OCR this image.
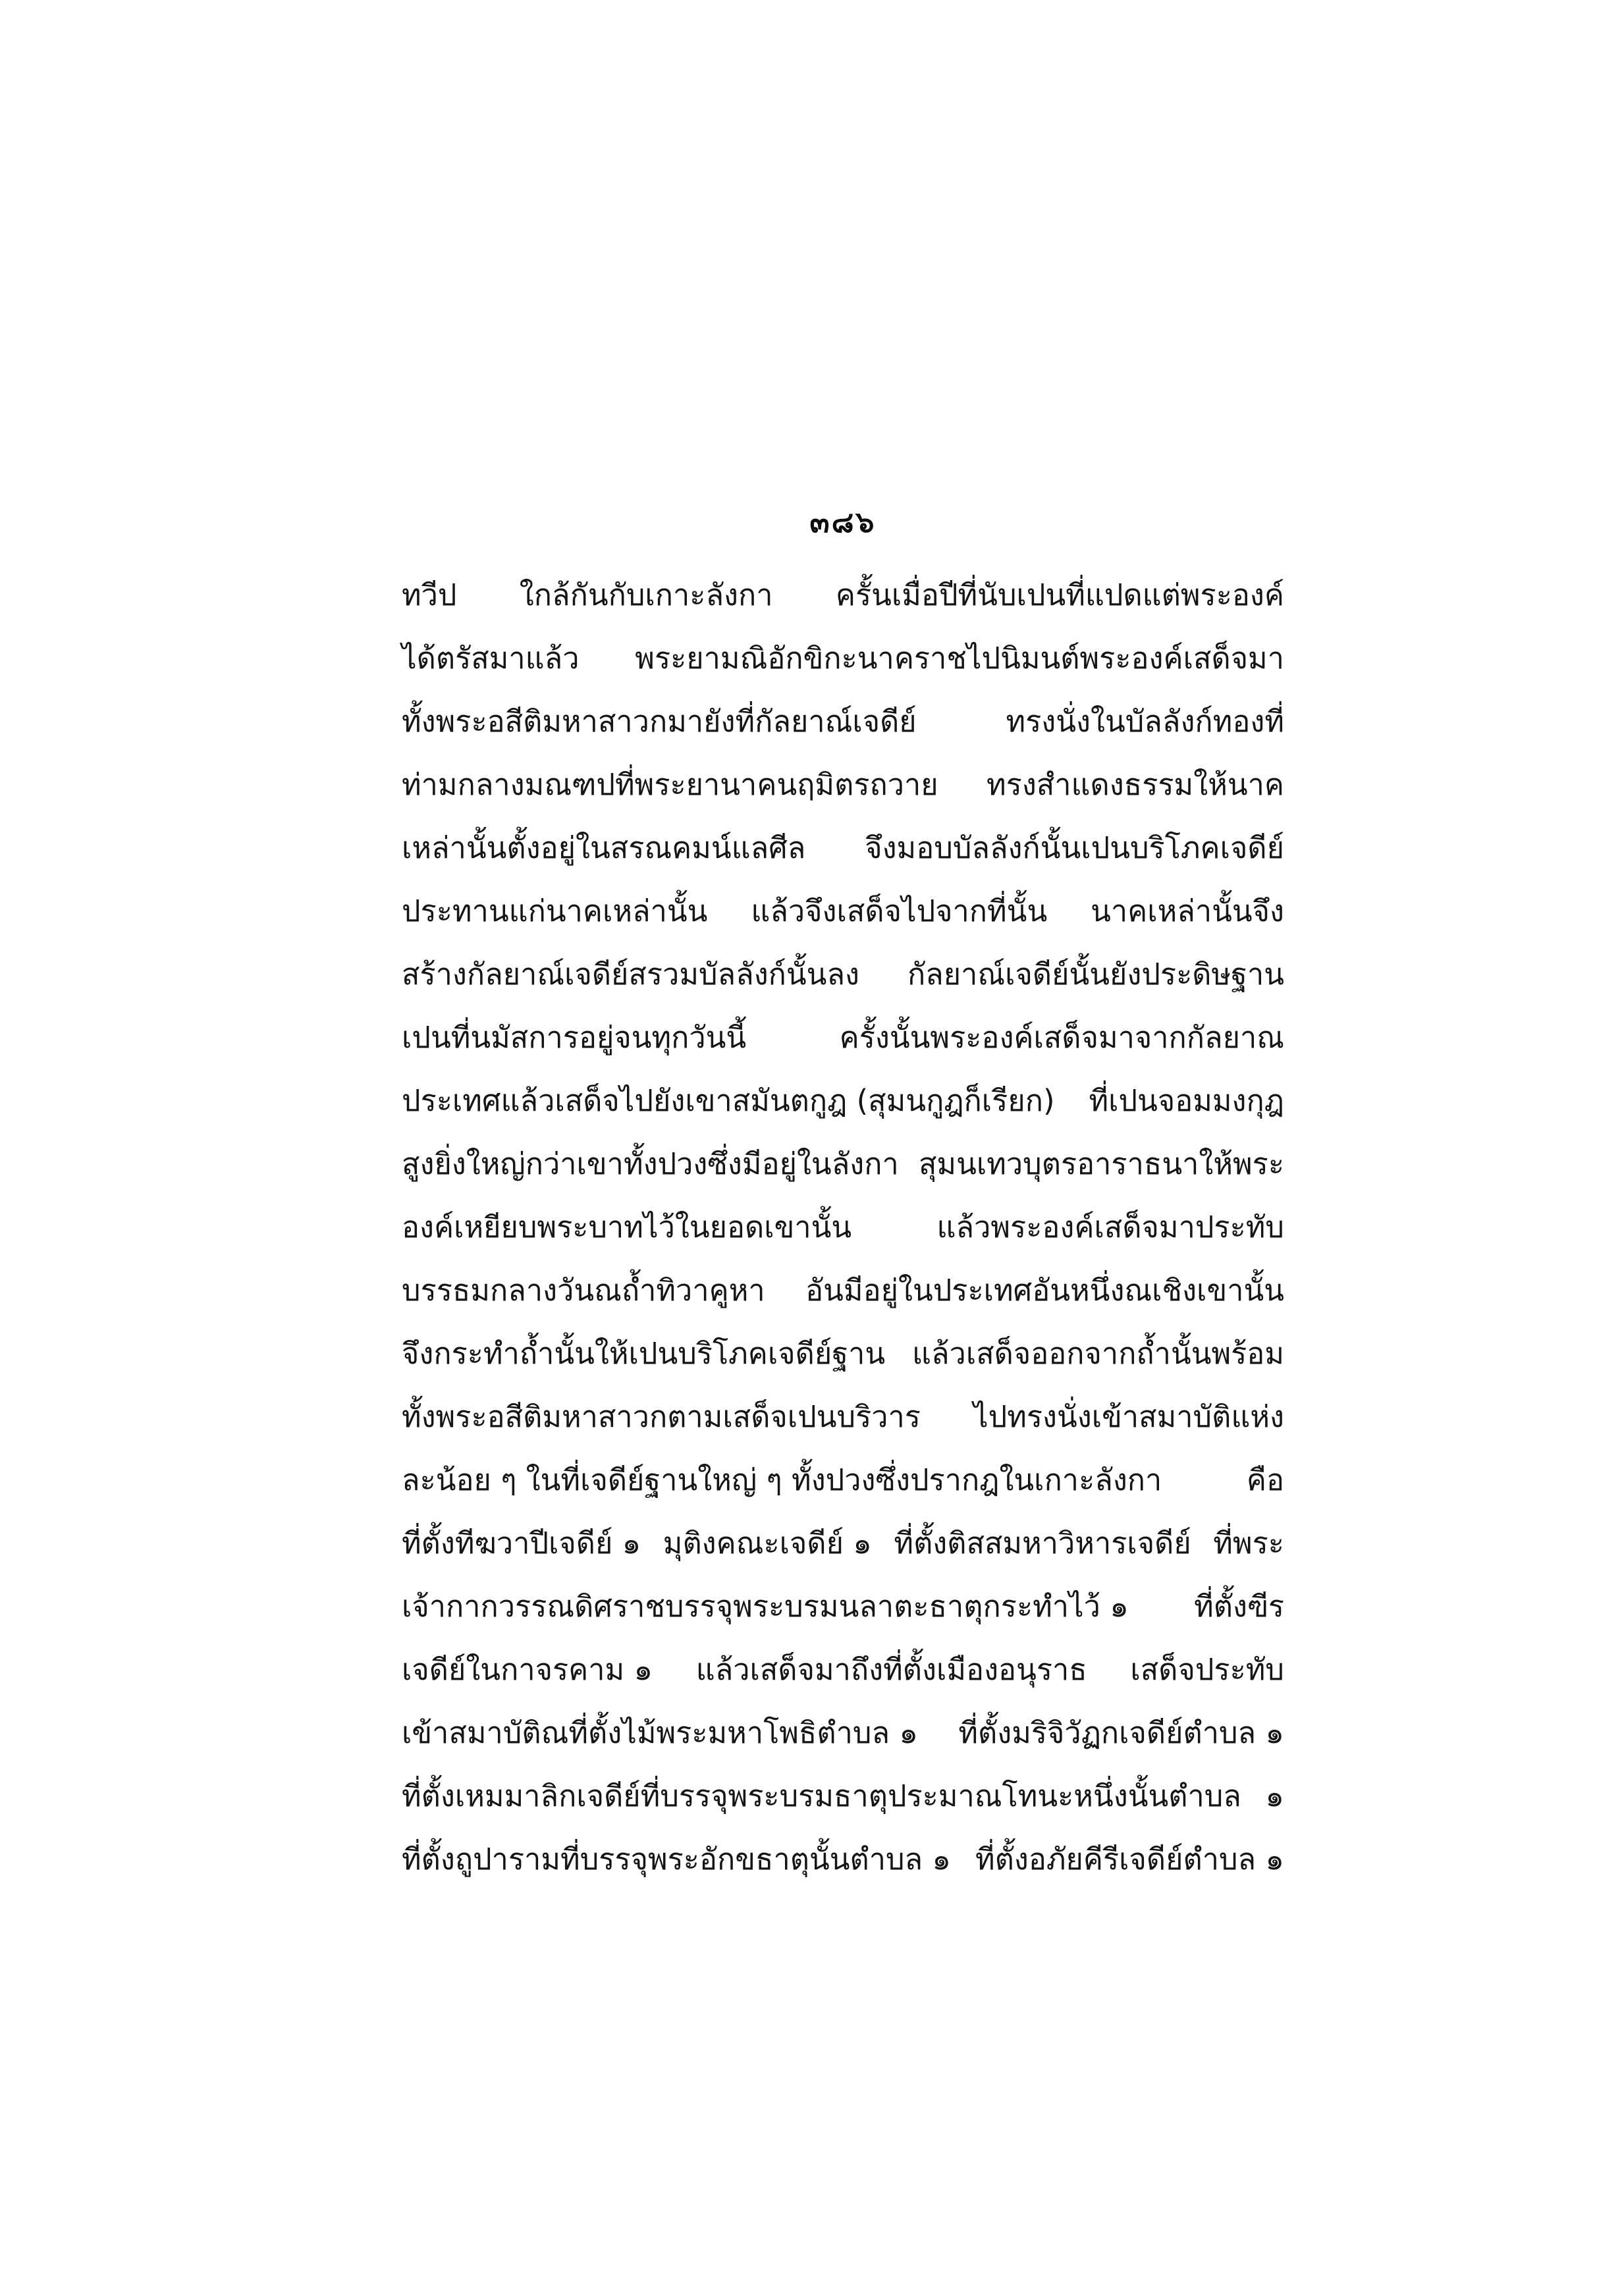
๓๘๖
ทวีป ใกล้กันกับเกาะลังกา ครั้นเมื่อปีที่นับเปนที่แปดแต่พระองค์
ได้ตรัสมาแล้ว พระยามณิอักขิกะนาคราชไปนิมนต์พระองค์เสด็จมา
ทั้งพระอสีติมหาสาวกมายังที่กัลยาณ์เจดีย์	ทรงนั่งในบัลลังก์ทองที่
ท่ามกลางมณฑปที่พระยานาคนฤมิตรถวาย ทรงสำแดงธรรมให้นาค
เหล่านั้นตั้งอยู่ในสรณคมน์แลศีล จึงมอบบัลลังก์นั้นเปนบริโภคเจดีย์
ประทานแก่นาคเหล่านั้น แล้วจึงเสด็จไปจากที่นั้น นาคเหล่านั้นจึง
สร้างกัลยาณ์เจดีย์สรวมบัลลังก์นั้นลง กัลยาณ์เจดีย์นั้นยังประดิษฐาน
เปนที่นมัสการอยู่จนทุกวันนี้	ครั้งนั้นพระองค์เสด็จมาจากกัลยาณ
ประเทศแล้วเสด็จไปยังเขาสมันตกูฎ (สุมนกูฎก็เรียก) ที่เปนจอมมงกุฎ
สูงยิ่งใหญ่กว่าเขาทั้งปวงซึ่งมีอยู่ในลังกา สุมนเทวบุตรอาราธนาให้พระ
องค์เหยียบพระบาทไว้ในยอดเขานั้น	แล้วพระองค์เสด็จมาประทับ
บรรธมกลางวันณถ้ำทิวาคูหา อันมีอยู่ในประเทศอันหนึ่งณเชิงเขานั้น
จึงกระทำถ้ำนั้นให้เปนบริโภคเจดีย์ฐาน แล้วเสด็จออกจากถ้ำนั้นพร้อม
ทั้งพระอสีติมหาสาวกตามเสด็จเปนบริวาร ไปทรงนั่งเข้าสมาบัติแห่ง
ละน้อย ๆ ในที่เจดีย์ฐานใหญ่ ๆ ทั้งปวงซึ่งปรากฎในเกาะลังกา	คือ
ที่ตั้งทีฆวาปีเจดีย์ ๑ มุติงคณะเจดีย์ ๑ ที่ตั้งติสสมหาวิหารเจดีย์ ที่พระ
เจ้ากากวรรณดิศราชบรรจุพระบรมนลาตะธาตุกระทำไว้ ๑ ที่ตั้งฃีร
เจดีย์ในกาจรคาม ๑ แล้วเสด็จมาถึงที่ตั้งเมืองอนุราธ เสด็จประทับ
เข้าสมาบัติณที่ตั้งไม้พระมหาโพธิตำบล ๑ ที่ตั้งมริจิวัฏกเจดีย์ตำบล ๑
ที่ตั้งเหมมาลิกเจดีย์ที่บรรจุพระบรมธาตุประมาณโทนะหนึ่งนั้นตำบล ๑
ที่ตั้งถูปารามที่บรรจุพระอักขธาตุนั้นตำบล ๑ ที่ตั้งอภัยคีรีเจดีย์ตำบล ๑
